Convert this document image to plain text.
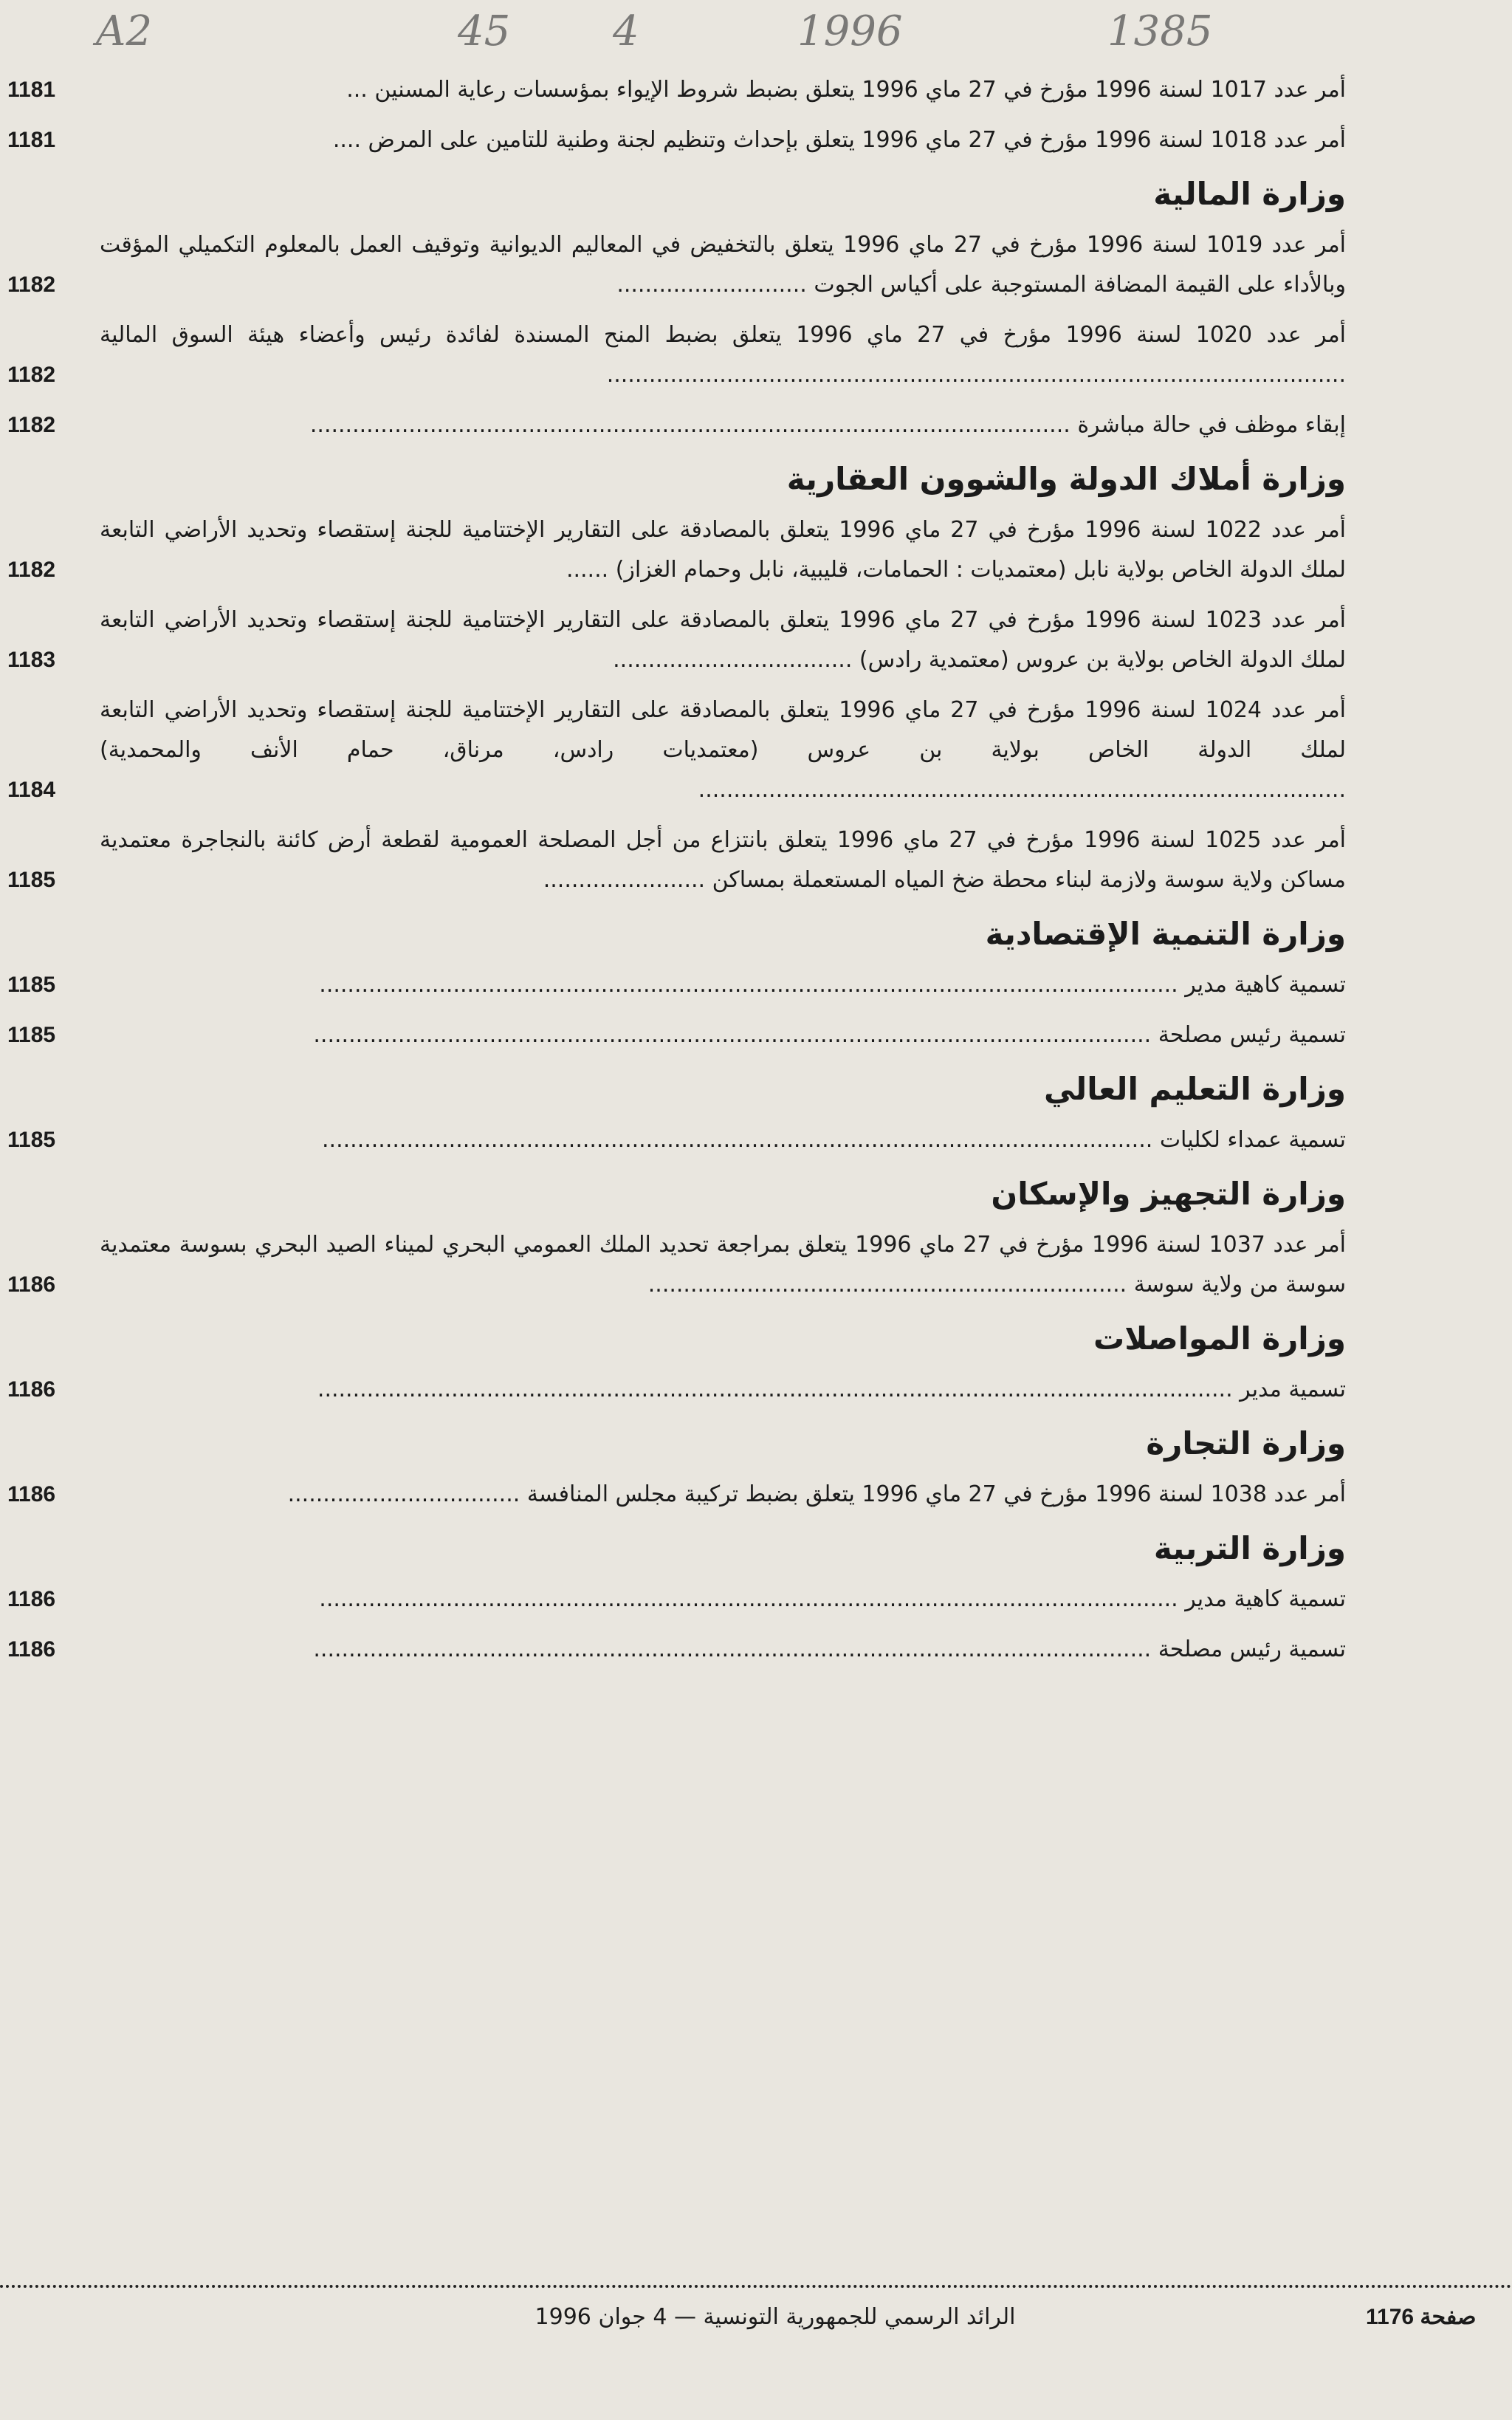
A2	45 4	1996	1385
أمر عدد 1017 لسنة 1996 مؤرخ في 27 ماي 1996 يتعلق بضبط شروط الإيواء بمؤسسات رعاية المسنين ...
1181
أمر عدد 1018 لسنة 1996 مؤرخ في 27 ماي 1996 يتعلق بإحداث وتنظيم لجنة وطنية للتامين على المرض ....
1181
وزارة المالية
أمر عدد 1019 لسنة 1996 مؤرخ في 27 ماي 1996 يتعلق بالتخفيض في المعاليم الديوانية وتوقيف العمل بالمعلوم التكميلي المؤقت وبالأداء على القيمة المضافة المستوجبة على أكياس الجوت ...........................
1182
أمر عدد 1020 لسنة 1996 مؤرخ في 27 ماي 1996 يتعلق بضبط المنح المسندة لفائدة رئيس وأعضاء هيئة السوق المالية .........................................................................................................
1182
إبقاء موظف في حالة مباشرة ............................................................................................................
1182
وزارة أملاك الدولة والشوون العقارية
أمر عدد 1022 لسنة 1996 مؤرخ في 27 ماي 1996 يتعلق بالمصادقة على التقارير الإختتامية للجنة إستقصاء وتحديد الأراضي التابعة لملك الدولة الخاص بولاية نابل (معتمديات : الحمامات، قليبية، نابل وحمام الغزاز) ......
1182
أمر عدد 1023 لسنة 1996 مؤرخ في 27 ماي 1996 يتعلق بالمصادقة على التقارير الإختتامية للجنة إستقصاء وتحديد الأراضي التابعة لملك الدولة الخاص بولاية بن عروس (معتمدية رادس) ..................................
1183
أمر عدد 1024 لسنة 1996 مؤرخ في 27 ماي 1996 يتعلق بالمصادقة على التقارير الإختتامية للجنة إستقصاء وتحديد الأراضي التابعة لملك الدولة الخاص بولاية بن عروس (معتمديات رادس، مرناق، حمام الأنف والمحمدية) ............................................................................................
1184
أمر عدد 1025 لسنة 1996 مؤرخ في 27 ماي 1996 يتعلق بانتزاع من أجل المصلحة العمومية لقطعة أرض كائنة بالنجاجرة معتمدية مساكن ولاية سوسة ولازمة لبناء محطة ضخ المياه المستعملة بمساكن .......................
1185
وزارة التنمية الإقتصادية
تسمية كاهية مدير ..........................................................................................................................
1185
تسمية رئيس مصلحة .......................................................................................................................
1185
وزارة التعليم العالي
تسمية عمداء لكليات ......................................................................................................................
1185
وزارة التجهيز والإسكان
أمر عدد 1037 لسنة 1996 مؤرخ في 27 ماي 1996 يتعلق بمراجعة تحديد الملك العمومي البحري لميناء الصيد البحري بسوسة معتمدية سوسة من ولاية سوسة ....................................................................
1186
وزارة المواصلات
تسمية مدير ..................................................................................................................................
1186
وزارة التجارة
أمر عدد 1038 لسنة 1996 مؤرخ في 27 ماي 1996 يتعلق بضبط تركيبة مجلس المنافسة .................................
1186
وزارة التربية
تسمية كاهية مدير ..........................................................................................................................
1186
تسمية رئيس مصلحة .......................................................................................................................
1186
صفحة 1176
الرائد الرسمي للجمهورية التونسية — 4 جوان 1996
